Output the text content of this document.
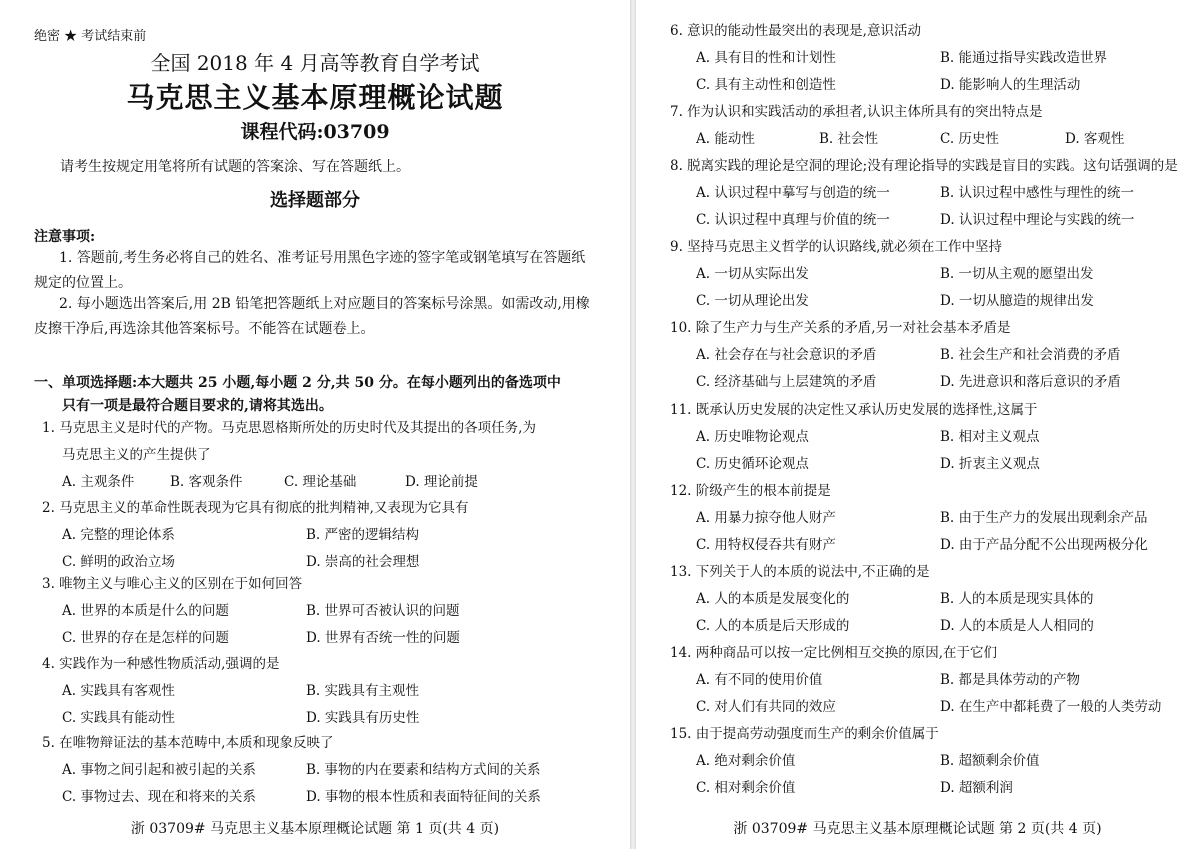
绝密 ★ 考试结束前
全国 2018 年 4 月高等教育自学考试
马克思主义基本原理概论试题
课程代码:03709
请考生按规定用笔将所有试题的答案涂、写在答题纸上。
选择题部分
注意事项:
1. 答题前,考生务必将自己的姓名、准考证号用黑色字迹的签字笔或钢笔填写在答题纸规定的位置上。
2. 每小题选出答案后,用 2B 铅笔把答题纸上对应题目的答案标号涂黑。如需改动,用橡皮擦干净后,再选涂其他答案标号。不能答在试题卷上。
一、单项选择题:本大题共 25 小题,每小题 2 分,共 50 分。在每小题列出的备选项中
只有一项是最符合题目要求的,请将其选出。
1. 马克思主义是时代的产物。马克思恩格斯所处的历史时代及其提出的各项任务,为
马克思主义的产生提供了
A. 主观条件	B. 客观条件	C. 理论基础	D. 理论前提
2. 马克思主义的革命性既表现为它具有彻底的批判精神,又表现为它具有
A. 完整的理论体系	B. 严密的逻辑结构
C. 鲜明的政治立场	D. 崇高的社会理想
3. 唯物主义与唯心主义的区别在于如何回答
A. 世界的本质是什么的问题	B. 世界可否被认识的问题
C. 世界的存在是怎样的问题	D. 世界有否统一性的问题
4. 实践作为一种感性物质活动,强调的是
A. 实践具有客观性	B. 实践具有主观性
C. 实践具有能动性	D. 实践具有历史性
5. 在唯物辩证法的基本范畴中,本质和现象反映了
A. 事物之间引起和被引起的关系	B. 事物的内在要素和结构方式间的关系
C. 事物过去、现在和将来的关系	D. 事物的根本性质和表面特征间的关系
浙 03709# 马克思主义基本原理概论试题 第 1 页(共 4 页)
6. 意识的能动性最突出的表现是,意识活动
A. 具有目的性和计划性	B. 能通过指导实践改造世界
C. 具有主动性和创造性	D. 能影响人的生理活动
7. 作为认识和实践活动的承担者,认识主体所具有的突出特点是
A. 能动性	B. 社会性	C. 历史性	D. 客观性
8. 脱离实践的理论是空洞的理论;没有理论指导的实践是盲目的实践。这句话强调的是
A. 认识过程中摹写与创造的统一	B. 认识过程中感性与理性的统一
C. 认识过程中真理与价值的统一	D. 认识过程中理论与实践的统一
9. 坚持马克思主义哲学的认识路线,就必须在工作中坚持
A. 一切从实际出发	B. 一切从主观的愿望出发
C. 一切从理论出发	D. 一切从臆造的规律出发
10. 除了生产力与生产关系的矛盾,另一对社会基本矛盾是
A. 社会存在与社会意识的矛盾	B. 社会生产和社会消费的矛盾
C. 经济基础与上层建筑的矛盾	D. 先进意识和落后意识的矛盾
11. 既承认历史发展的决定性又承认历史发展的选择性,这属于
A. 历史唯物论观点	B. 相对主义观点
C. 历史循环论观点	D. 折衷主义观点
12. 阶级产生的根本前提是
A. 用暴力掠夺他人财产	B. 由于生产力的发展出现剩余产品
C. 用特权侵吞共有财产	D. 由于产品分配不公出现两极分化
13. 下列关于人的本质的说法中,不正确的是
A. 人的本质是发展变化的	B. 人的本质是现实具体的
C. 人的本质是后天形成的	D. 人的本质是人人相同的
14. 两种商品可以按一定比例相互交换的原因,在于它们
A. 有不同的使用价值	B. 都是具体劳动的产物
C. 对人们有共同的效应	D. 在生产中都耗费了一般的人类劳动
15. 由于提高劳动强度而生产的剩余价值属于
A. 绝对剩余价值	B. 超额剩余价值
C. 相对剩余价值	D. 超额利润
浙 03709# 马克思主义基本原理概论试题 第 2 页(共 4 页)
